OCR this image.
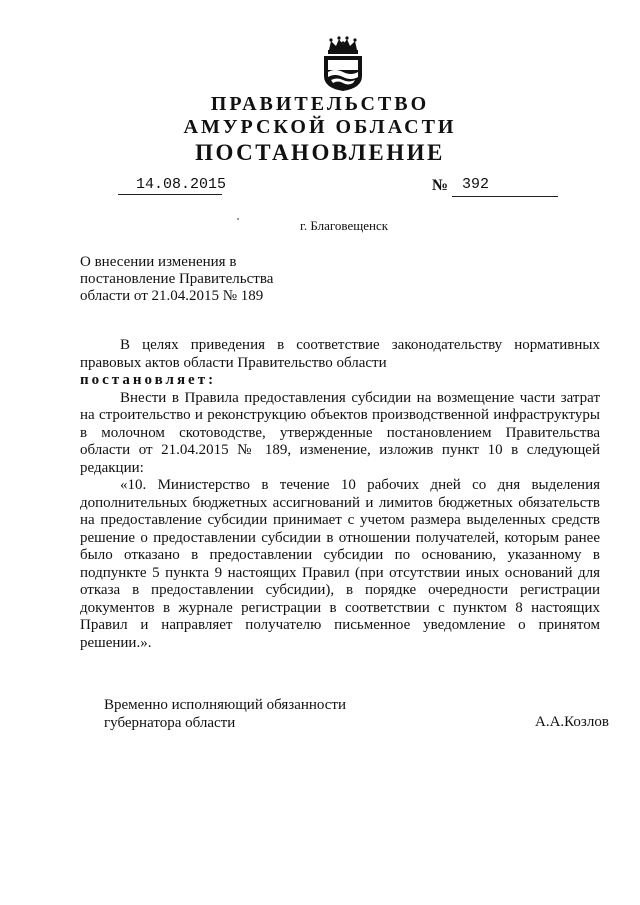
ПРАВИТЕЛЬСТВО
АМУРСКОЙ ОБЛАСТИ
ПОСТАНОВЛЕНИЕ
14.08.2015	№ 392
г. Благовещенск
О внесении изменения в
постановление Правительства
области от 21.04.2015 № 189

В целях приведения в соответствие законодательству нормативных правовых актов области Правительство области

постановляет:

Внести в Правила предоставления субсидии на возмещение части затрат на строительство и реконструкцию объектов производственной инфраструктуры в молочном скотоводстве, утвержденные постановлением Правительства области от 21.04.2015 № 189, изменение, изложив пункт 10 в следующей редакции:

«10. Министерство в течение 10 рабочих дней со дня выделения дополнительных бюджетных ассигнований и лимитов бюджетных обязательств на предоставление субсидии принимает с учетом размера выделенных средств решение о предоставлении субсидии в отношении получателей, которым ранее было отказано в предоставлении субсидии по основанию, указанному в подпункте 5 пункта 9 настоящих Правил (при отсутствии иных оснований для отказа в предоставлении субсидии), в порядке очередности регистрации документов в журнале регистрации в соответствии с пунктом 8 настоящих Правил и направляет получателю письменное уведомление о принятом решении.».

Временно исполняющий обязанности
губернатора области	А.А.Козлов
